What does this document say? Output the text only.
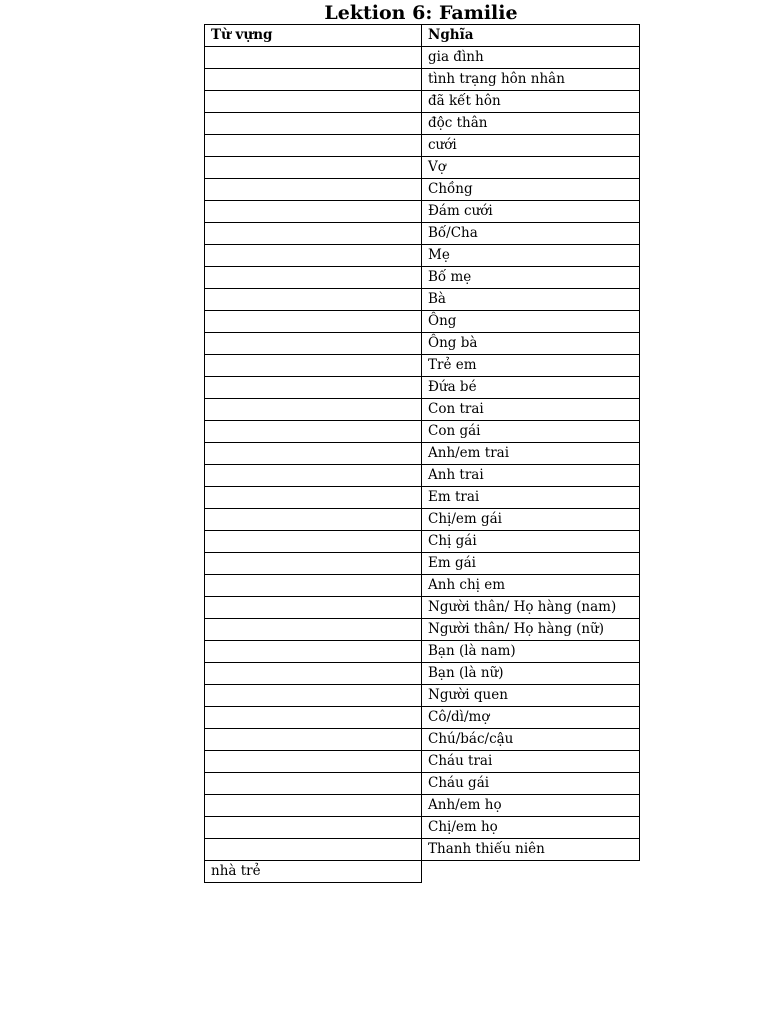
Lektion 6: Familie
Từ vựng	Nghĩa
	gia đình
	tình trạng hôn nhân
	đã kết hôn
	độc thân
	cưới
	Vợ
	Chồng
	Đám cưới
	Bố/Cha
	Mẹ
	Bố mẹ
	Bà
	Ông
	Ông bà
	Trẻ em
	Đứa bé
	Con trai
	Con gái
	Anh/em trai
	Anh trai
	Em trai
	Chị/em gái
	Chị gái
	Em gái
	Anh chị em
	Người thân/ Họ hàng (nam)
	Người thân/ Họ hàng (nữ)
	Bạn (là nam)
	Bạn (là nữ)
	Người quen
	Cô/dì/mợ
	Chú/bác/cậu
	Cháu trai
	Cháu gái
	Anh/em họ
	Chị/em họ
	Thanh thiếu niên
nhà trẻ	
